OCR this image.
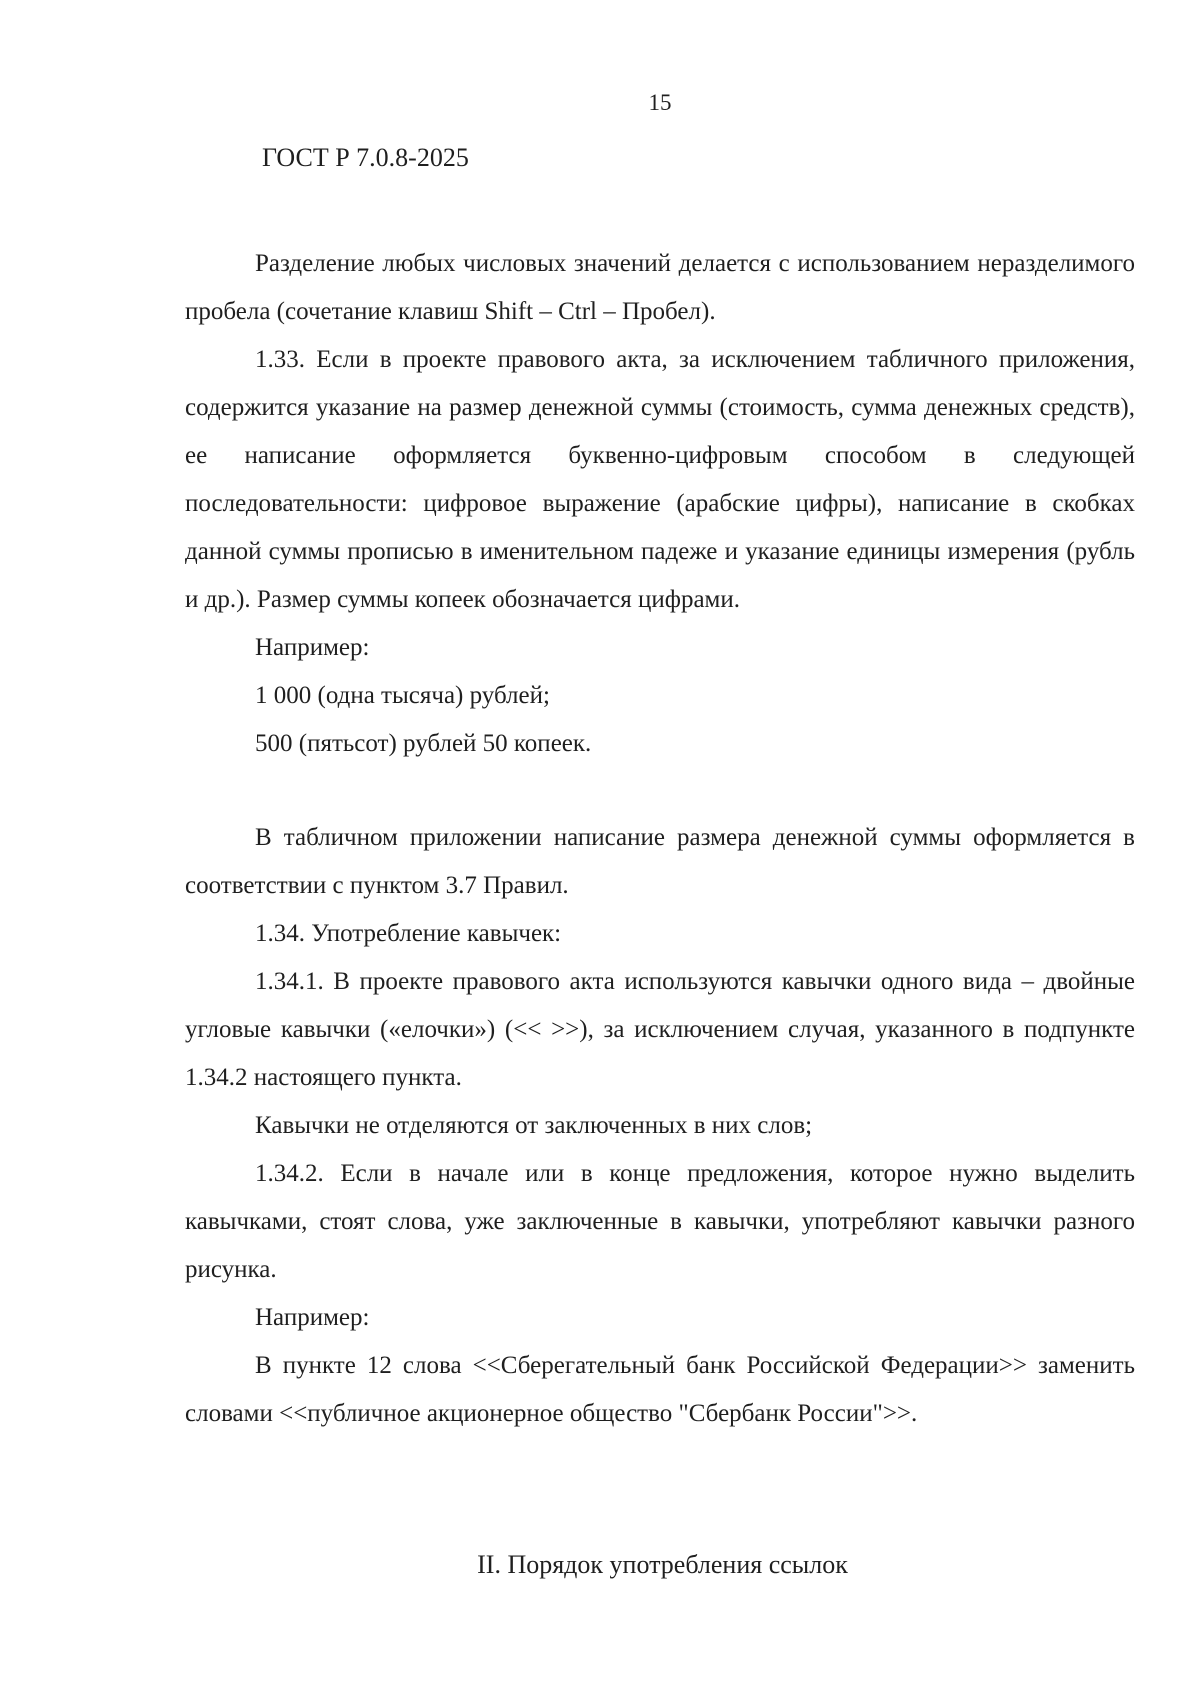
15
ГОСТ Р 7.0.8-2025

Разделение любых числовых значений делается с использованием неразделимого пробела (сочетание клавиш Shift – Ctrl – Пробел).

1.33. Если в проекте правового акта, за исключением табличного приложения, содержится указание на размер денежной суммы (стоимость, сумма денежных средств), ее написание оформляется буквенно-цифровым способом в следующей последовательности: цифровое выражение (арабские цифры), написание в скобках данной суммы прописью в именительном падеже и указание единицы измерения (рубль и др.). Размер суммы копеек обозначается цифрами.

Например:

1 000 (одна тысяча) рублей;

500 (пятьсот) рублей 50 копеек.

В табличном приложении написание размера денежной суммы оформляется в соответствии с пунктом 3.7 Правил.

1.34. Употребление кавычек:

1.34.1. В проекте правового акта используются кавычки одного вида – двойные угловые кавычки («елочки») (<< >>), за исключением случая, указанного в подпункте 1.34.2 настоящего пункта.

Кавычки не отделяются от заключенных в них слов;

1.34.2. Если в начале или в конце предложения, которое нужно выделить кавычками, стоят слова, уже заключенные в кавычки, употребляют кавычки разного рисунка.

Например:

В пункте 12 слова <<Сберегательный банк Российской Федерации>> заменить словами <<публичное акционерное общество "Сбербанк России">>.

II. Порядок употребления ссылок
